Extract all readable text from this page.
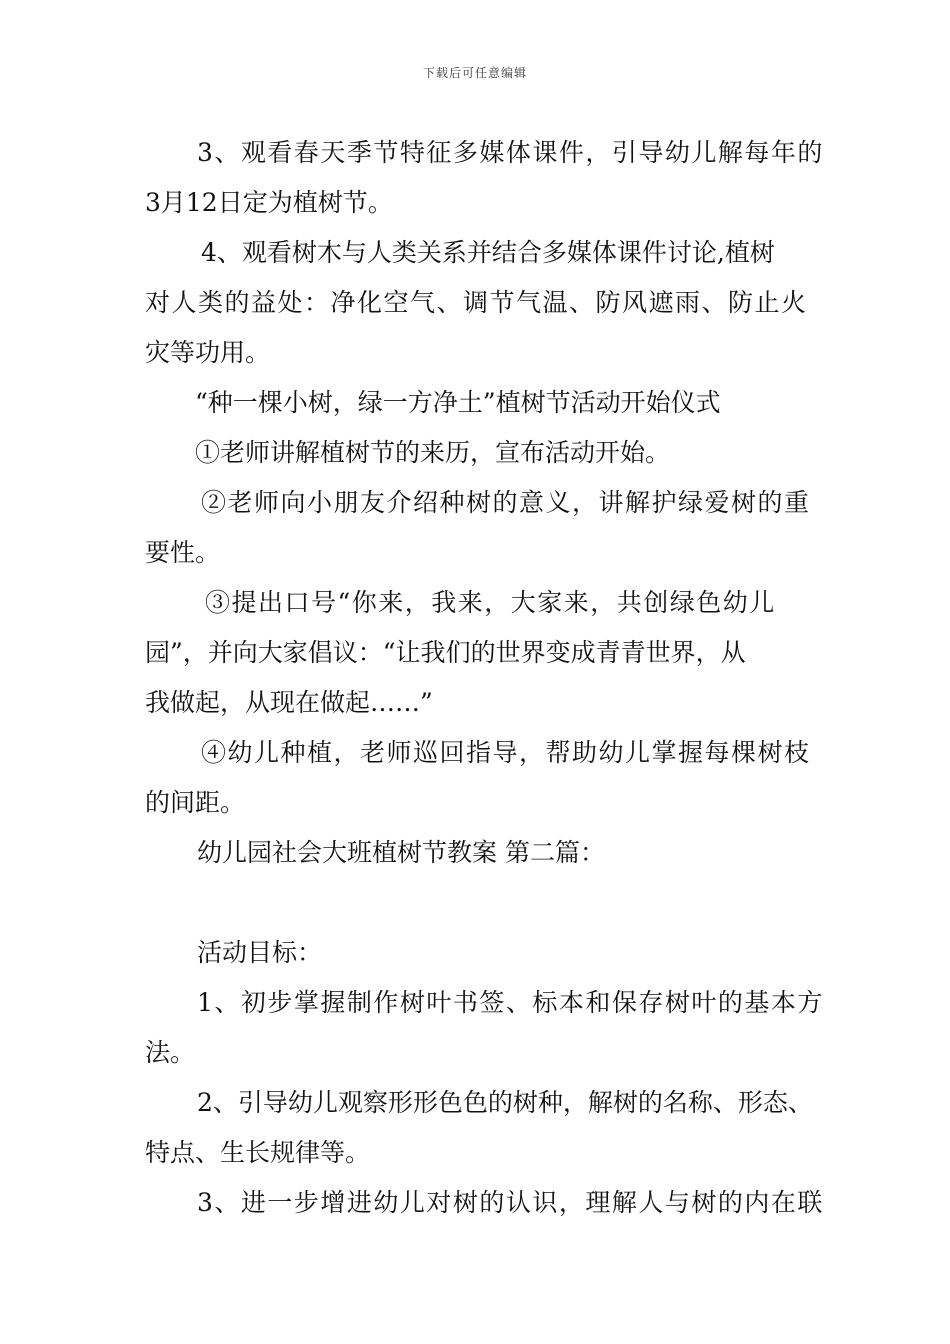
下载后可任意编辑
3、观看春天季节特征多媒体课件，引导幼儿解每年的
3月12日定为植树节。
4、观看树木与人类关系并结合多媒体课件讨论,植树
对人类的益处：净化空气、调节气温、防风遮雨、防止火
灾等功用。
“种一棵小树，绿一方净土”植树节活动开始仪式
①老师讲解植树节的来历，宣布活动开始。
②老师向小朋友介绍种树的意义，讲解护绿爱树的重
要性。
③提出口号“你来，我来，大家来，共创绿色幼儿
园”，并向大家倡议：“让我们的世界变成青青世界，从
我做起，从现在做起……”
④幼儿种植，老师巡回指导，帮助幼儿掌握每棵树枝
的间距。
幼儿园社会大班植树节教案 第二篇：
活动目标：
1、初步掌握制作树叶书签、标本和保存树叶的基本方
法。
2、引导幼儿观察形形色色的树种，解树的名称、形态、
特点、生长规律等。
3、进一步增进幼儿对树的认识，理解人与树的内在联
